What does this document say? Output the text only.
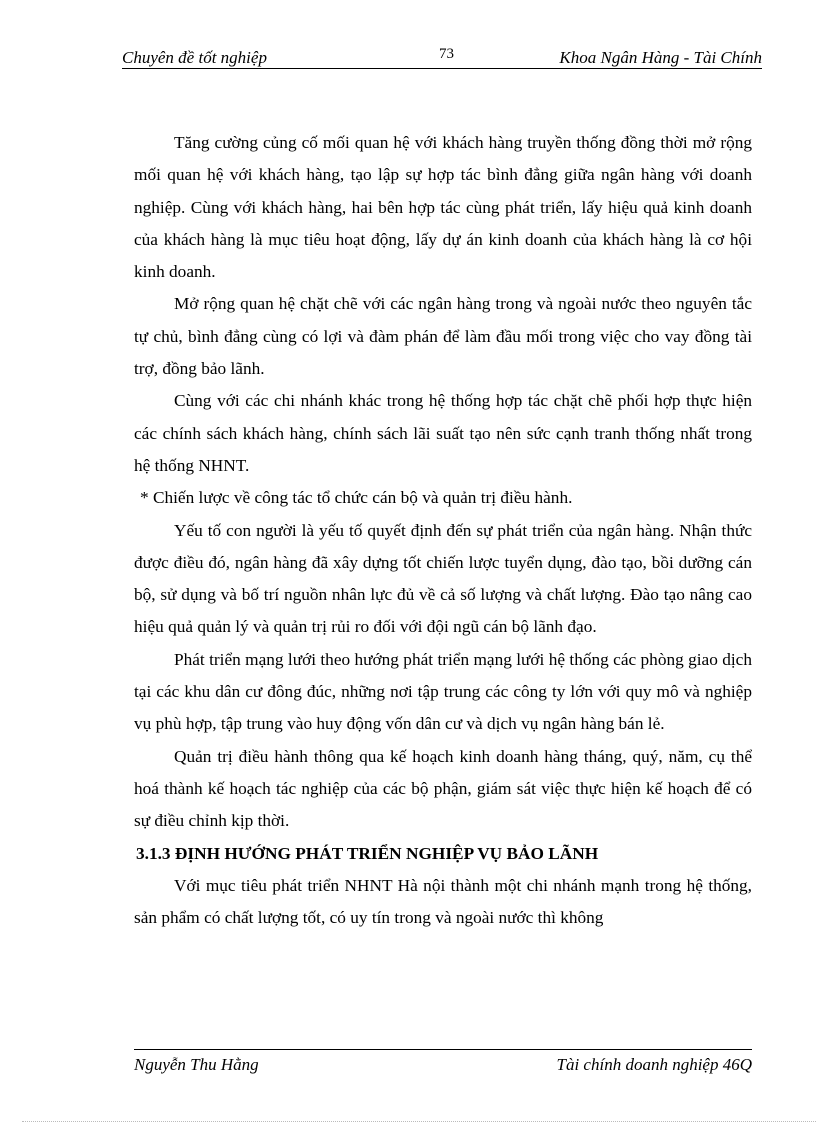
Chuyên đề tốt nghiệp	73	Khoa Ngân Hàng - Tài Chính

Tăng cường củng cố mối quan hệ với khách hàng truyền thống đồng thời mở rộng mối quan hệ với khách hàng, tạo lập sự hợp tác bình đẳng giữa ngân hàng với doanh nghiệp. Cùng với khách hàng, hai bên hợp tác cùng phát triển, lấy hiệu quả kinh doanh của khách hàng là mục tiêu hoạt động, lấy dự án kinh doanh của khách hàng là cơ hội kinh doanh.

Mở rộng quan hệ chặt chẽ với các ngân hàng trong và ngoài nước theo nguyên tắc tự chủ, bình đẳng cùng có lợi và đàm phán để làm đầu mối trong việc cho vay đồng tài trợ, đồng bảo lãnh.

Cùng với các chi nhánh khác trong hệ thống hợp tác chặt chẽ phối hợp thực hiện các chính sách khách hàng, chính sách lãi suất tạo nên sức cạnh tranh thống nhất trong hệ thống NHNT.

* Chiến lược về công tác tổ chức cán bộ và quản trị điều hành.

Yếu tố con người là yếu tố quyết định đến sự phát triển của ngân hàng. Nhận thức được điều đó, ngân hàng đã xây dựng tốt chiến lược tuyển dụng, đào tạo, bồi dưỡng cán bộ, sử dụng và bố trí nguồn nhân lực đủ về cả số lượng và chất lượng. Đào tạo nâng cao hiệu quả quản lý và quản trị rủi ro đối với đội ngũ cán bộ lãnh đạo.

Phát triển mạng lưới theo hướng phát triển mạng lưới hệ thống các phòng giao dịch tại các khu dân cư đông đúc, những nơi tập trung các công ty lớn với quy mô và nghiệp vụ phù hợp, tập trung vào huy động vốn dân cư và dịch vụ ngân hàng bán lẻ.

Quản trị điều hành thông qua kế hoạch kinh doanh hàng tháng, quý, năm, cụ thể hoá thành kế hoạch tác nghiệp của các bộ phận, giám sát việc thực hiện kế hoạch để có sự điều chỉnh kịp thời.

3.1.3 ĐỊNH HƯỚNG PHÁT TRIỂN NGHIỆP VỤ BẢO LÃNH

Với mục tiêu phát triển NHNT Hà nội thành một chi nhánh mạnh trong hệ thống, sản phẩm có chất lượng tốt, có uy tín trong và ngoài nước thì không

Nguyễn Thu Hằng	Tài chính doanh nghiệp 46Q
